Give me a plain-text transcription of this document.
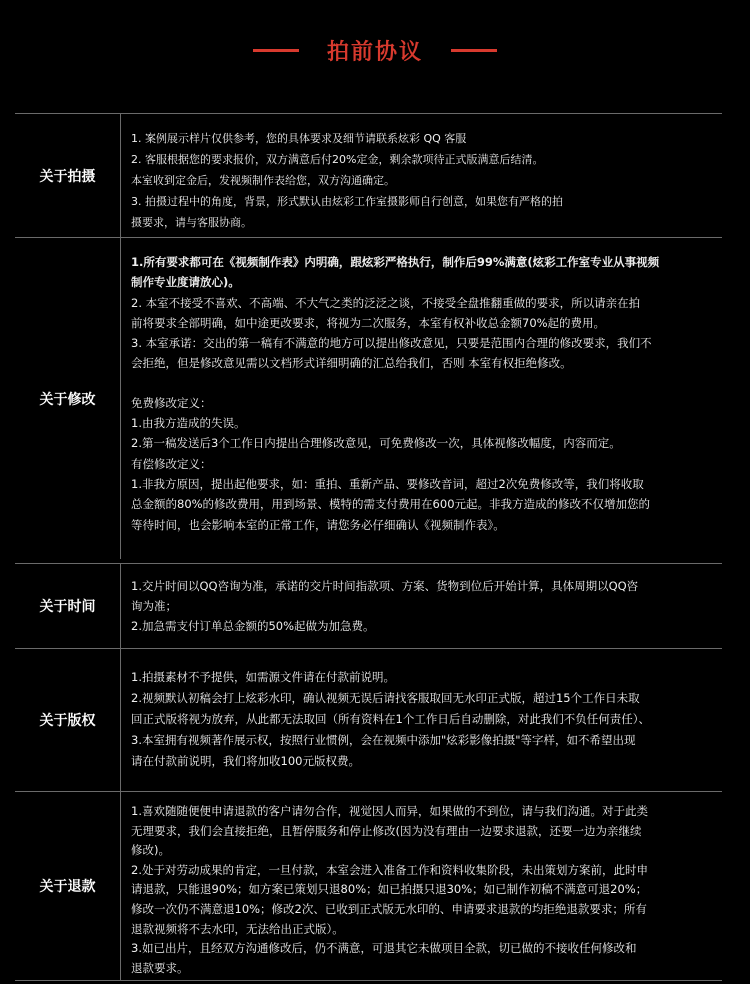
拍前协议
关于拍摄

1. 案例展示样片仅供参考，您的具体要求及细节请联系炫彩 QQ 客服

2. 客服根据您的要求报价，双方满意后付20%定金，剩余款项待正式版满意后结清。

本室收到定金后，发视频制作表给您，双方沟通确定。

3. 拍摄过程中的角度，背景，形式默认由炫彩工作室摄影师自行创意，如果您有严格的拍

摄要求，请与客服协商。

关于修改

1.所有要求都可在《视频制作表》内明确，跟炫彩严格执行，制作后99%满意(炫彩工作室专业从事视频

制作专业度请放心)。

2. 本室不接受不喜欢、不高端、不大气之类的泛泛之谈，不接受全盘推翻重做的要求，所以请亲在拍

前将要求全部明确，如中途更改要求，将视为二次服务，本室有权补收总金额70%起的费用。

3. 本室承诺：交出的第一稿有不满意的地方可以提出修改意见，只要是范围内合理的修改要求，我们不

会拒绝，但是修改意见需以文档形式详细明确的汇总给我们，否则 本室有权拒绝修改。

免费修改定义：

1.由我方造成的失误。

2.第一稿发送后3个工作日内提出合理修改意见，可免费修改一次，具体视修改幅度，内容而定。

有偿修改定义：

1.非我方原因，提出起他要求，如：重拍、重新产品、要修改音词，超过2次免费修改等，我们将收取

总金额的80%的修改费用，用到场景、模特的需支付费用在600元起。非我方造成的修改不仅增加您的

等待时间，也会影响本室的正常工作，请您务必仔细确认《视频制作表》。

关于时间

1.交片时间以QQ咨询为准，承诺的交片时间指款项、方案、货物到位后开始计算，具体周期以QQ咨

询为准；

2.加急需支付订单总金额的50%起做为加急费。

关于版权

1.拍摄素材不予提供，如需源文件请在付款前说明。

2.视频默认初稿会打上炫彩水印，确认视频无误后请找客服取回无水印正式版，超过15个工作日未取

回正式版将视为放弃，从此都无法取回（所有资料在1个工作日后自动删除，对此我们不负任何责任）、

3.本室拥有视频著作展示权，按照行业惯例，会在视频中添加"炫彩影像拍摄"等字样，如不希望出现

请在付款前说明，我们将加收100元版权费。

关于退款

1.喜欢随随便便申请退款的客户请勿合作，视觉因人而异，如果做的不到位，请与我们沟通。对于此类

无理要求，我们会直接拒绝，且暂停服务和停止修改(因为没有理由一边要求退款，还要一边为亲继续

修改)。

2.处于对劳动成果的肯定，一旦付款，本室会进入准备工作和资料收集阶段，未出策划方案前，此时申

请退款，只能退90%；如方案已策划只退80%；如已拍摄只退30%；如已制作初稿不满意可退20%；

修改一次仍不满意退10%；修改2次、已收到正式版无水印的、申请要求退款的均拒绝退款要求；所有

退款视频将不去水印，无法给出正式版）。

3.如已出片，且经双方沟通修改后，仍不满意，可退其它未做项目全款，切已做的不接收任何修改和

退款要求。
